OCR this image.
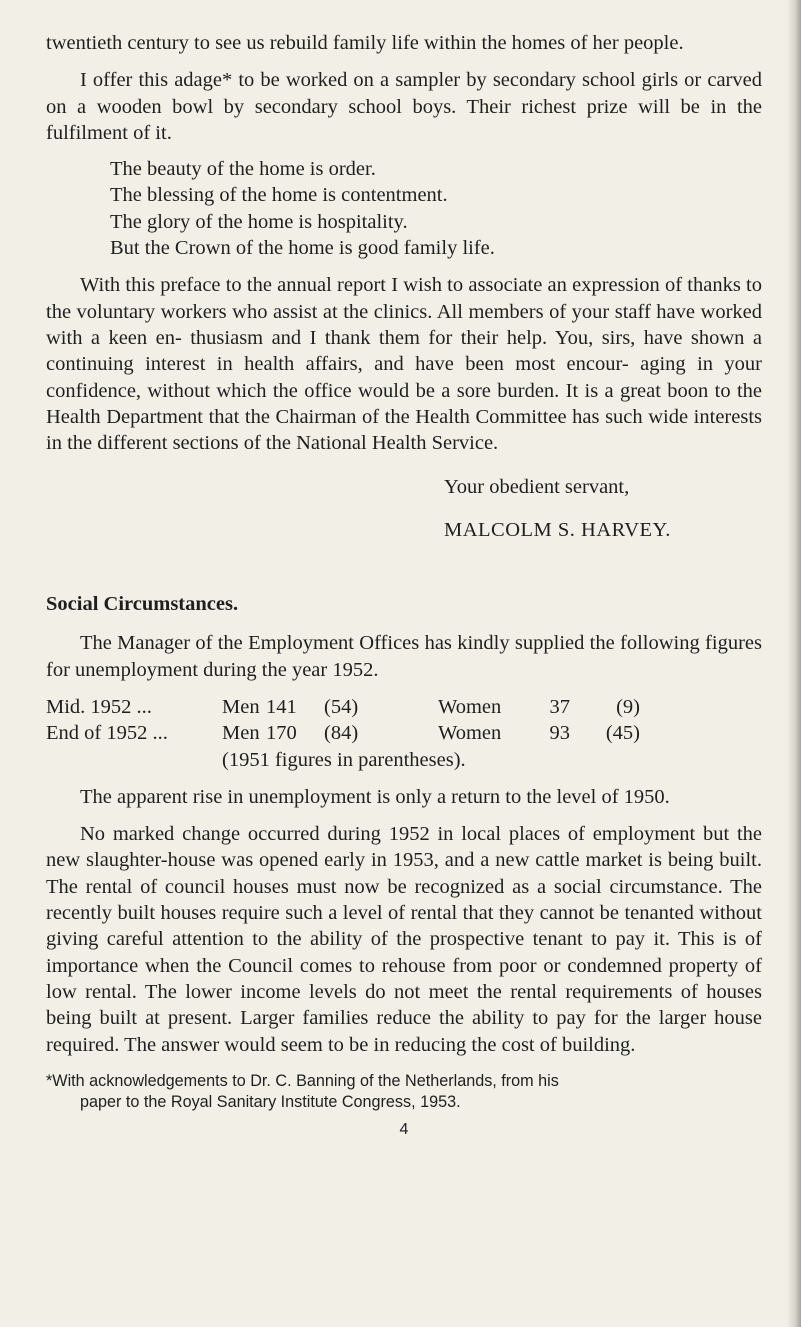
twentieth century to see us rebuild family life within the homes of her people.

I offer this adage* to be worked on a sampler by secondary school girls or carved on a wooden bowl by secondary school boys. Their richest prize will be in the fulfilment of it.

The beauty of the home is order.
The blessing of the home is contentment.
The glory of the home is hospitality.
But the Crown of the home is good family life.

With this preface to the annual report I wish to associate an expression of thanks to the voluntary workers who assist at the clinics. All members of your staff have worked with a keen en- thusiasm and I thank them for their help. You, sirs, have shown a continuing interest in health affairs, and have been most encour- aging in your confidence, without which the office would be a sore burden. It is a great boon to the Health Department that the Chairman of the Health Committee has such wide interests in the different sections of the National Health Service.

Your obedient servant,
MALCOLM S. HARVEY.
Social Circumstances.

The Manager of the Employment Offices has kindly supplied the following figures for unemployment during the year 1952.

Mid. 1952 ...	Men	141	(54)	Women	37	(9)
End of 1952 ...	Men	170	(84)	Women	93	(45)
(1951 figures in parentheses).

The apparent rise in unemployment is only a return to the level of 1950.

No marked change occurred during 1952 in local places of employment but the new slaughter-house was opened early in 1953, and a new cattle market is being built. The rental of council houses must now be recognized as a social circumstance. The recently built houses require such a level of rental that they cannot be tenanted without giving careful attention to the ability of the prospective tenant to pay it. This is of importance when the Council comes to rehouse from poor or condemned property of low rental. The lower income levels do not meet the rental requirements of houses being built at present. Larger families reduce the ability to pay for the larger house required. The answer would seem to be in reducing the cost of building.

*With acknowledgements to Dr. C. Banning of the Netherlands, from his
paper to the Royal Sanitary Institute Congress, 1953.
4
